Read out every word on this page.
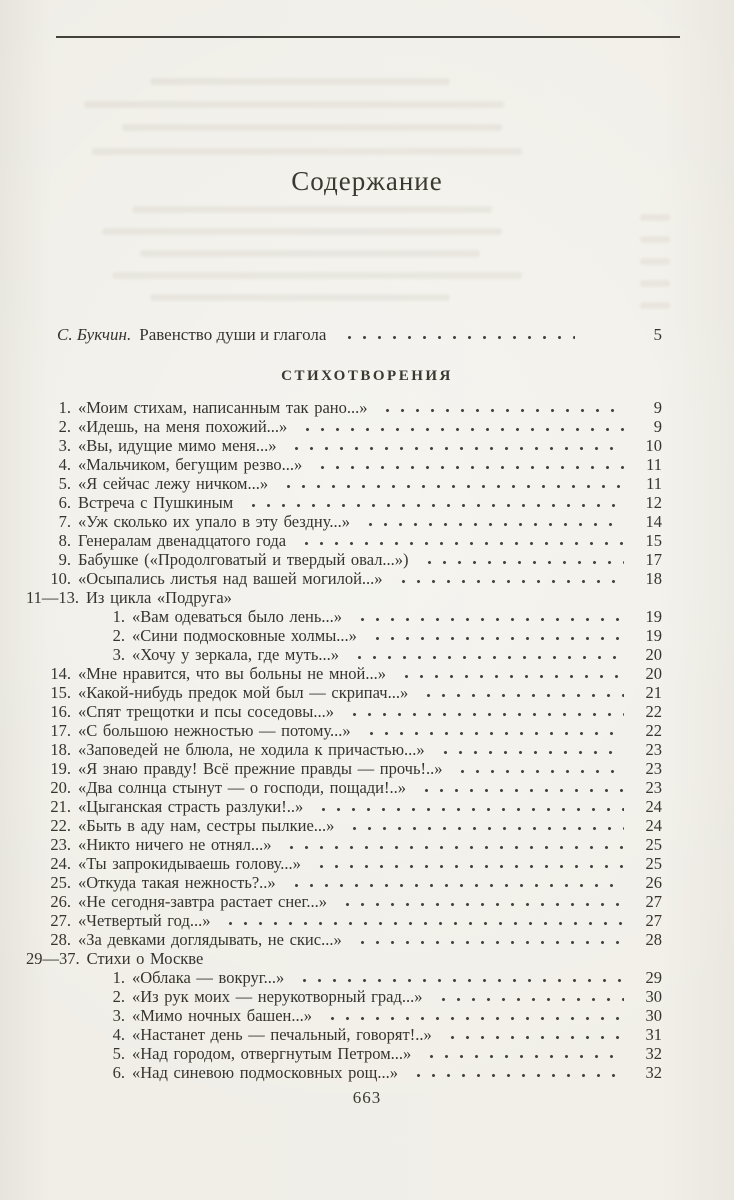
Содержание
С. Букчин. Равенство души и глагола	5
СТИХОТВОРЕНИЯ
1. «Моим стихам, написанным так рано...»	9
2. «Идешь, на меня похожий...»	9
3. «Вы, идущие мимо меня...»	10
4. «Мальчиком, бегущим резво...»	11
5. «Я сейчас лежу ничком...»	11
6. Встреча с Пушкиным	12
7. «Уж сколько их упало в эту бездну...»	14
8. Генералам двенадцатого года	15
9. Бабушке («Продолговатый и твердый овал...»)	17
10. «Осыпались листья над вашей могилой...»	18
11—13. Из цикла «Подруга»
1. «Вам одеваться было лень...»	19
2. «Сини подмосковные холмы...»	19
3. «Хочу у зеркала, где муть...»	20
14. «Мне нравится, что вы больны не мной...»	20
15. «Какой-нибудь предок мой был — скрипач...»	21
16. «Спят трещотки и псы соседовы...»	22
17. «С большою нежностью — потому...»	22
18. «Заповедей не блюла, не ходила к причастью...»	23
19. «Я знаю правду! Всё прежние правды — прочь!..»	23
20. «Два солнца стынут — о господи, пощади!..»	23
21. «Цыганская страсть разлуки!..»	24
22. «Быть в аду нам, сестры пылкие...»	24
23. «Никто ничего не отнял...»	25
24. «Ты запрокидываешь голову...»	25
25. «Откуда такая нежность?..»	26
26. «Не сегодня-завтра растает снег...»	27
27. «Четвертый год...»	27
28. «За девками доглядывать, не скис...»	28
29—37. Стихи о Москве
1. «Облака — вокруг...»	29
2. «Из рук моих — нерукотворный град...»	30
3. «Мимо ночных башен...»	30
4. «Настанет день — печальный, говорят!..»	31
5. «Над городом, отвергнутым Петром...»	32
6. «Над синевою подмосковных рощ...»	32
663
